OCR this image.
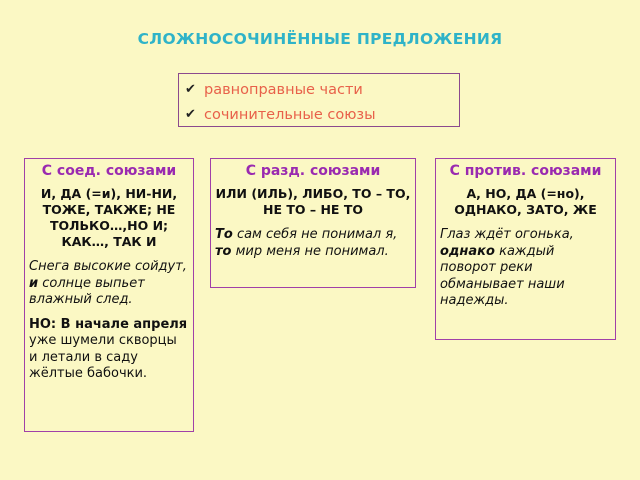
СЛОЖНОСОЧИНЁННЫЕ ПРЕДЛОЖЕНИЯ
✔ равноправные части
✔ сочинительные союзы
С соед. союзами
И, ДА (=и), НИ-НИ, ТОЖЕ, ТАКЖЕ; НЕ ТОЛЬКО…,НО И; КАК…, ТАК И
Снега высокие сойдут, и солнце выпьет влажный след.
НО: В начале апреля уже шумели скворцы и летали в саду жёлтые бабочки.
С разд. союзами
ИЛИ (ИЛЬ), ЛИБО, ТО – ТО, НЕ ТО – НЕ ТО
То сам себя не понимал я, то мир меня не понимал.
С против. союзами
А, НО, ДА (=но), ОДНАКО, ЗАТО, ЖЕ
Глаз ждёт огонька, однако каждый поворот реки обманывает наши надежды.
